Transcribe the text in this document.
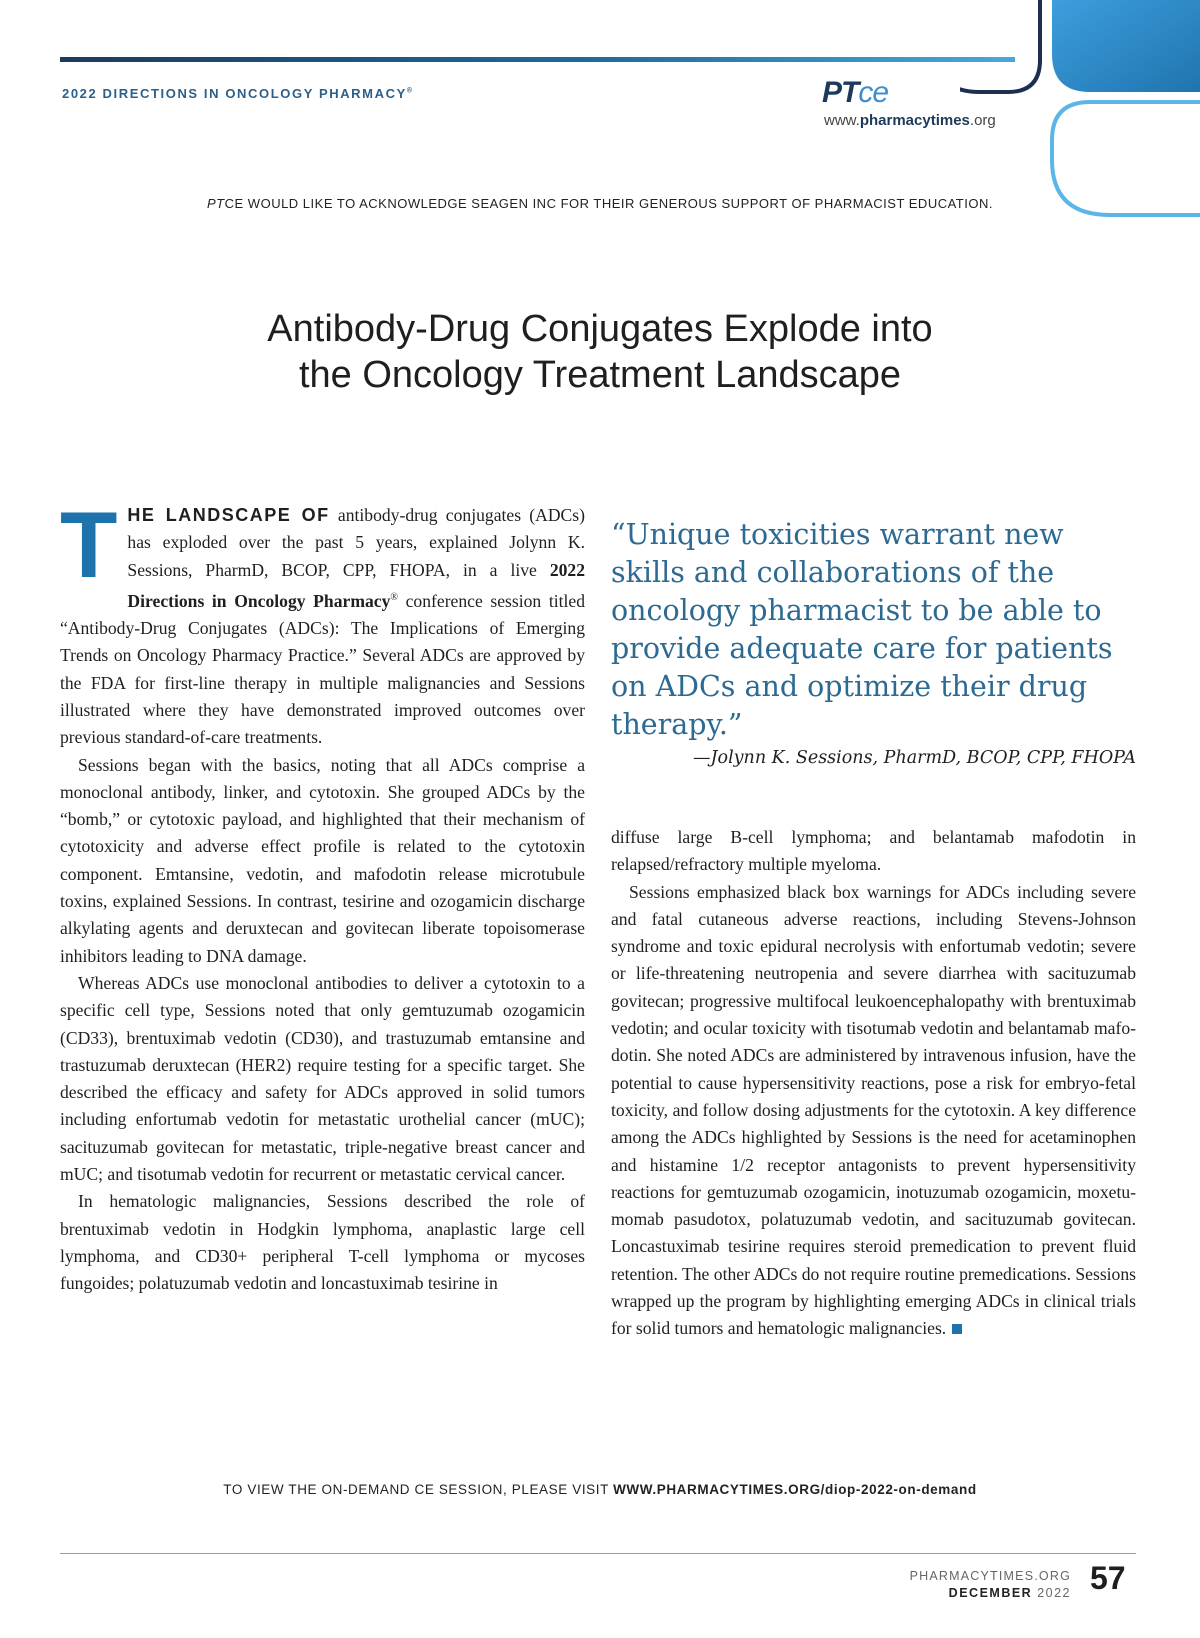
2022 DIRECTIONS IN ONCOLOGY PHARMACY®	PTce
www.pharmacytimes.org
PTCE WOULD LIKE TO ACKNOWLEDGE SEAGEN INC FOR THEIR GENEROUS SUPPORT OF PHARMACIST EDUCATION.
Antibody-Drug Conjugates Explode into
the Oncology Treatment Landscape

THE LANDSCAPE OF antibody-drug conjugates (ADCs) has exploded over the past 5 years, explained Jolynn K. Sessions, PharmD, BCOP, CPP, FHOPA, in a live 2022 Directions in Oncology Pharmacy® conference session titled “Antibody-Drug Conjugates (ADCs): The Implications of Emerging Trends on Oncology Pharmacy Practice.” Several ADCs are approved by the FDA for first-line therapy in multiple malignancies and Sessions illustrated where they have demonstrated improved outcomes over previous standard-of-care treatments.

Sessions began with the basics, noting that all ADCs comprise a monoclonal antibody, linker, and cytotoxin. She grouped ADCs by the “bomb,” or cytotoxic payload, and highlighted that their mechanism of cytotoxicity and adverse effect profile is related to the cytotoxin component. Emtansine, vedotin, and mafodotin release microtubule toxins, explained Sessions. In contrast, tesirine and ozogamicin discharge alkylating agents and deruxtecan and govitecan liberate topoisomerase inhibitors leading to DNA damage.

Whereas ADCs use monoclonal antibodies to deliver a cytotoxin to a specific cell type, Sessions noted that only gemtuzumab ozogamicin (CD33), brentuximab vedotin (CD30), and trastuzumab emtansine and trastuzumab deruxtecan (HER2) require testing for a specific target. She described the efficacy and safety for ADCs approved in solid tumors including enfortumab vedotin for metastatic urothelial cancer (mUC); sacituzumab govitecan for metastatic, triple-negative breast cancer and mUC; and tisotumab vedotin for recurrent or metastatic cervical cancer.

In hematologic malignancies, Sessions described the role of brentuximab vedotin in Hodgkin lymphoma, anaplastic large cell lymphoma, and CD30+ peripheral T-cell lymphoma or mycoses fungoides; polatuzumab vedotin and loncastuximab tesirine in

“Unique toxicities warrant new skills and collaborations of the oncology pharmacist to be able to provide adequate care for patients on ADCs and optimize their drug therapy.”
—Jolynn K. Sessions, PharmD, BCOP, CPP, FHOPA

diffuse large B-cell lymphoma; and belantamab mafodotin in relapsed/refractory multiple myeloma.

Sessions emphasized black box warnings for ADCs including severe and fatal cutaneous adverse reactions, including Stevens-Johnson syndrome and toxic epidural necrolysis with enfortumab vedotin; severe or life-threatening neutropenia and severe diarrhea with sacituzumab govitecan; progressive multifocal leukoencephalopathy with brentuximab vedotin; and ocular toxicity with tisotumab vedotin and belantamab mafodotin. She noted ADCs are administered by intravenous infusion, have the potential to cause hypersensitivity reactions, pose a risk for embryo-fetal toxicity, and follow dosing adjustments for the cytotoxin. A key difference among the ADCs highlighted by Sessions is the need for acetaminophen and histamine 1/2 receptor antagonists to prevent hypersensitivity reactions for gemtuzumab ozogamicin, inotuzumab ozogamicin, moxetumomab pasudotox, polatuzumab vedotin, and sacituzumab govitecan. Loncastuximab tesirine requires steroid premedication to prevent fluid retention. The other ADCs do not require routine premedications. Sessions wrapped up the program by highlighting emerging ADCs in clinical trials for solid tumors and hematologic malignancies.

TO VIEW THE ON-DEMAND CE SESSION, PLEASE VISIT WWW.PHARMACYTIMES.ORG/diop-2022-on-demand
PHARMACYTIMES.ORG
DECEMBER 2022 57
